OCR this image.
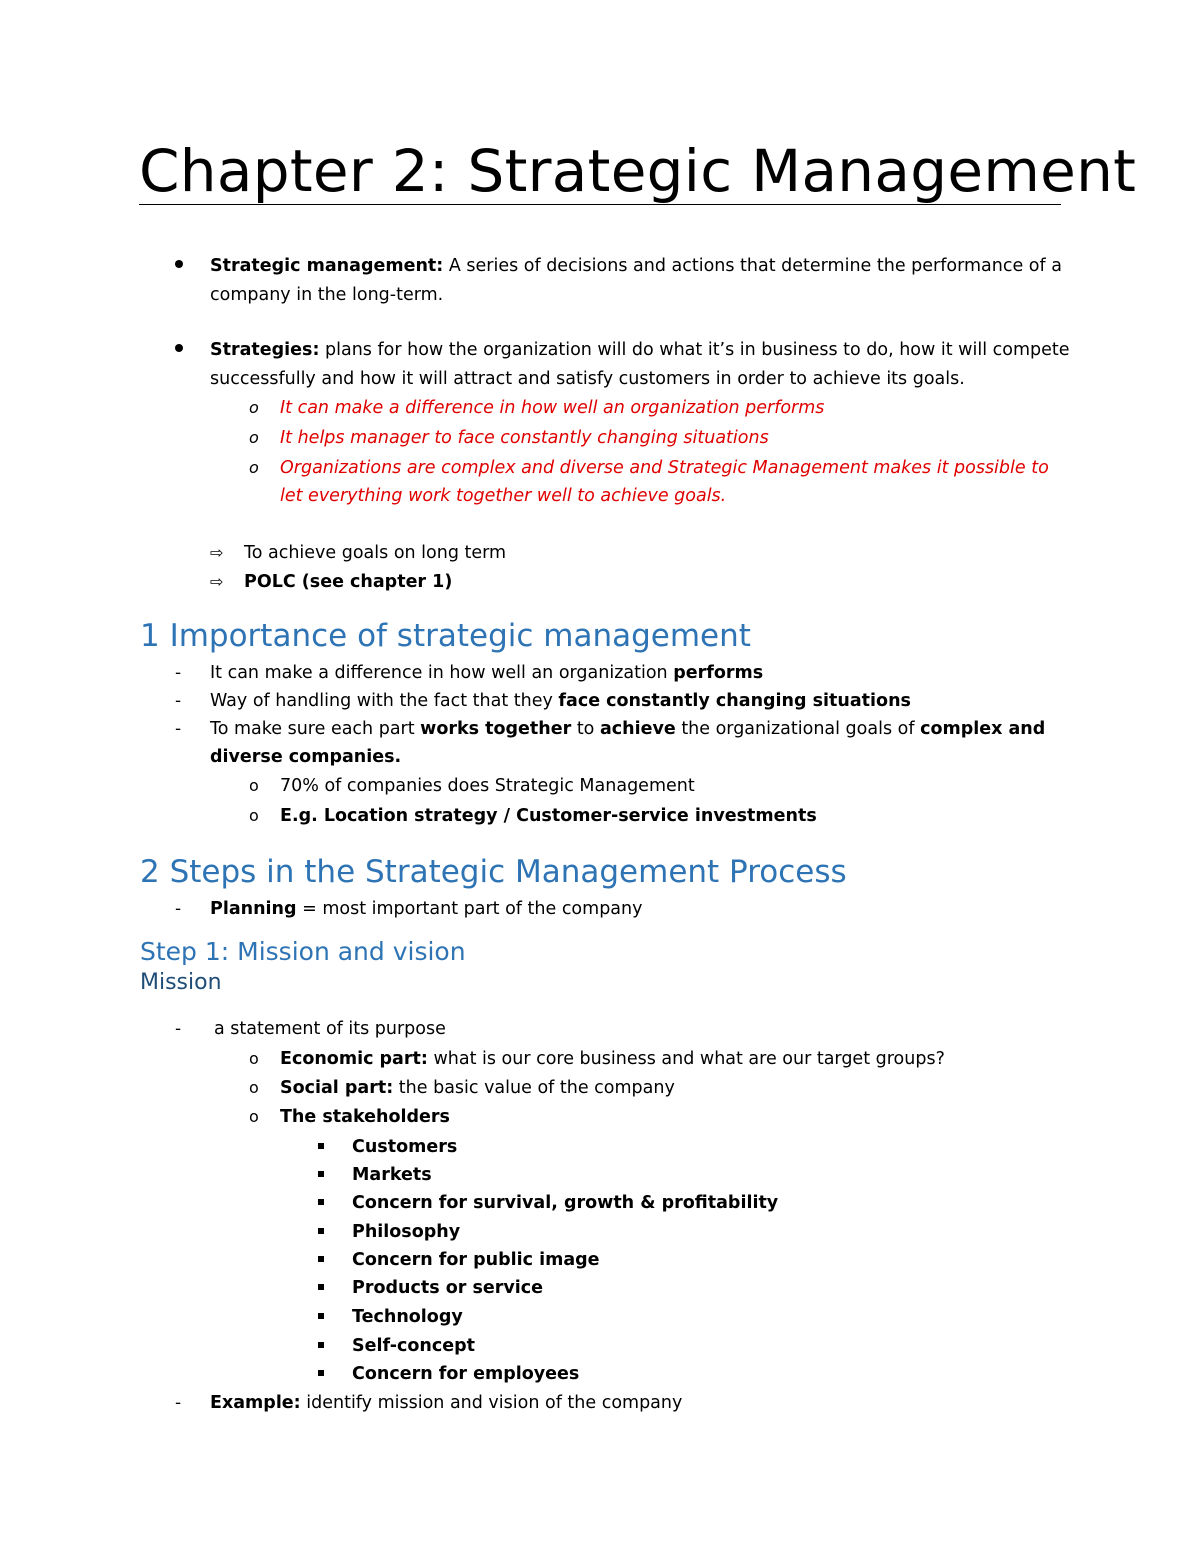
Chapter 2: Strategic Management
Strategic management: A series of decisions and actions that determine the performance of a
company in the long-term.
Strategies: plans for how the organization will do what it’s in business to do, how it will compete
successfully and how it will attract and satisfy customers in order to achieve its goals.
o It can make a difference in how well an organization performs
o It helps manager to face constantly changing situations
o Organizations are complex and diverse and Strategic Management makes it possible to
let everything work together well to achieve goals.
⇨ To achieve goals on long term
⇨ POLC (see chapter 1)
1 Importance of strategic management
- It can make a difference in how well an organization performs
- Way of handling with the fact that they face constantly changing situations
- To make sure each part works together to achieve the organizational goals of complex and
diverse companies.
o 70% of companies does Strategic Management
o E.g. Location strategy / Customer-service investments
2 Steps in the Strategic Management Process
- Planning = most important part of the company
Step 1: Mission and vision
Mission
- a statement of its purpose
o Economic part: what is our core business and what are our target groups?
o Social part: the basic value of the company
o The stakeholders
Customers
Markets
Concern for survival, growth & profitability
Philosophy
Concern for public image
Products or service
Technology
Self-concept
Concern for employees
- Example: identify mission and vision of the company
